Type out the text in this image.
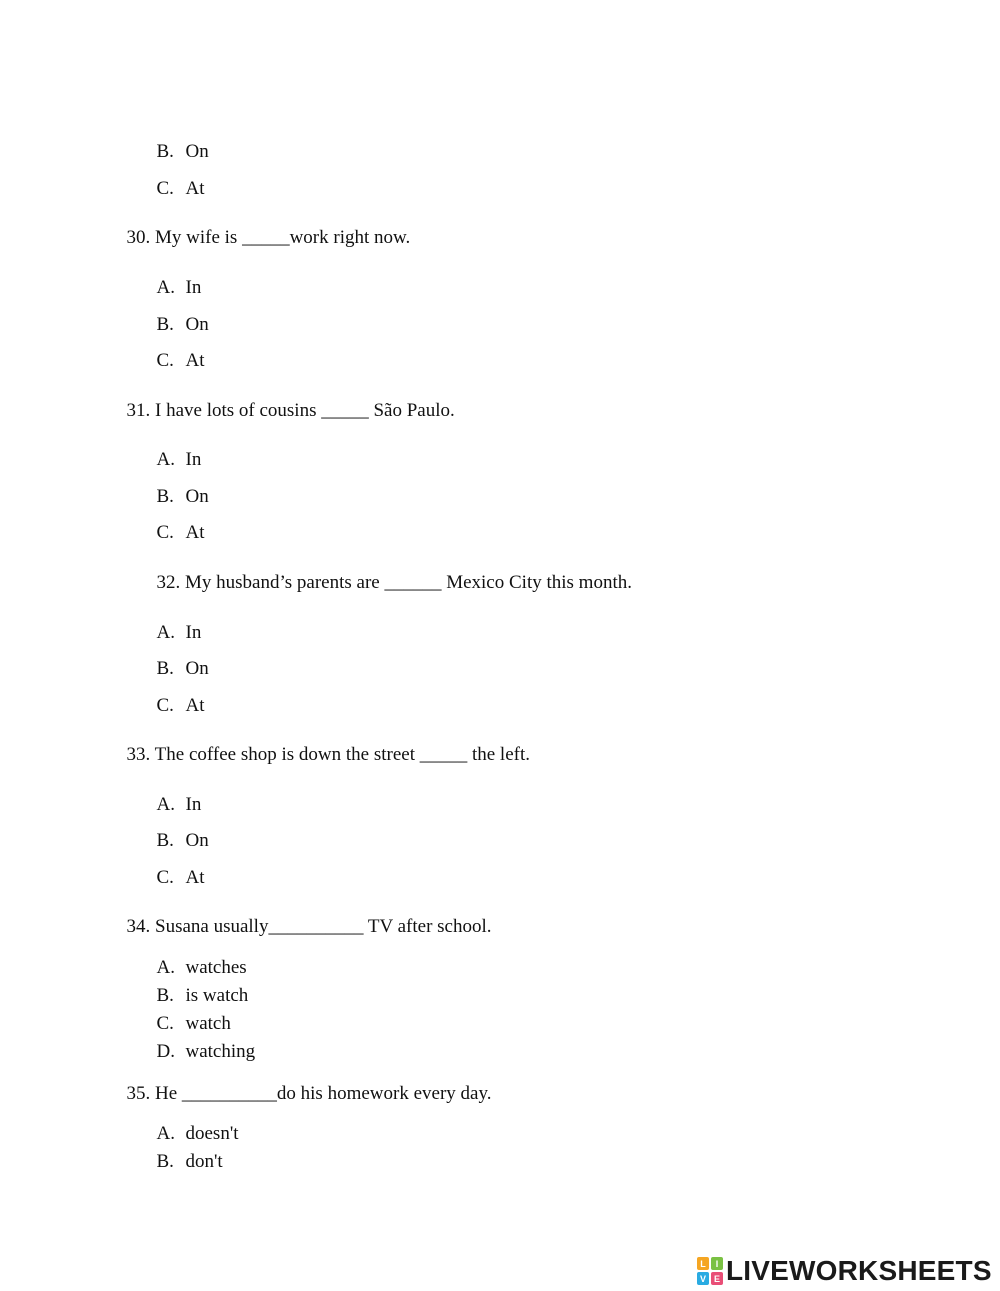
B. On

C. At

30. My wife is _____work right now.

A. In

B. On

C. At

31. I have lots of cousins _____ São Paulo.

A. In

B. On

C. At

32. My husband’s parents are ______ Mexico City this month.

A. In

B. On

C. At

33. The coffee shop is down the street _____ the left.

A. In

B. On

C. At

34. Susana usually__________ TV after school.

A. watches

B. is watch

C. watch

D. watching

35. He __________do his homework every day.

A. doesn't

B. don't

L I
V E LIVEWORKSHEETS
